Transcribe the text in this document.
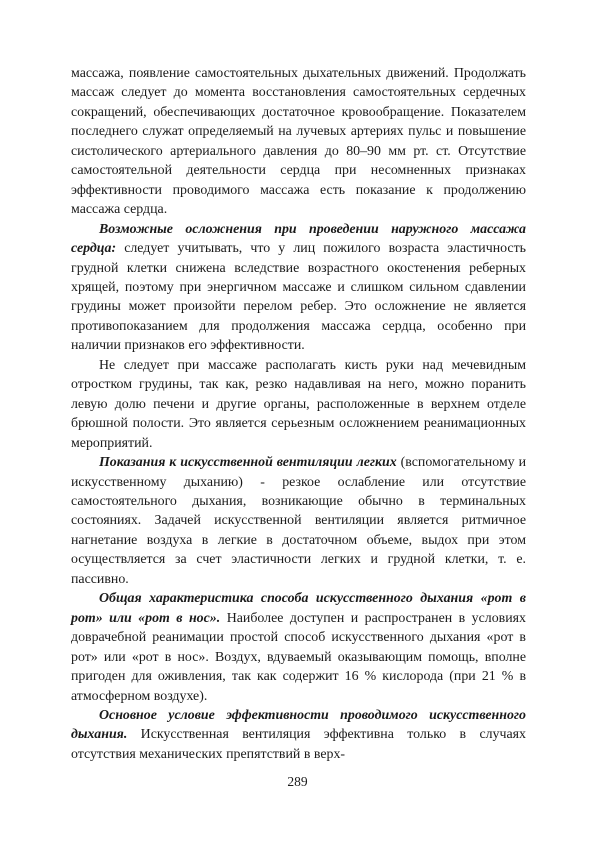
массажа, появление самостоятельных дыхательных движений. Продолжать массаж следует до момента восстановления самостоятельных сердечных сокращений, обеспечивающих достаточное кровообращение. Показателем последнего служат определяемый на лучевых артериях пульс и повышение систолического артериального давления до 80–90 мм рт. ст. Отсутствие самостоятельной деятельности сердца при несомненных признаках эффективности проводимого массажа есть показание к продолжению массажа сердца.

Возможные осложнения при проведении наружного массажа сердца: следует учитывать, что у лиц пожилого возраста эластичность грудной клетки снижена вследствие возрастного окостенения реберных хрящей, поэтому при энергичном массаже и слишком сильном сдавлении грудины может произойти перелом ребер. Это осложнение не является противопоказанием для продолжения массажа сердца, особенно при наличии признаков его эффективности.

Не следует при массаже располагать кисть руки над мечевидным отростком грудины, так как, резко надавливая на него, можно поранить левую долю печени и другие органы, расположенные в верхнем отделе брюшной полости. Это является серьезным осложнением реанимационных мероприятий.

Показания к искусственной вентиляции легких (вспомогательному и искусственному дыханию) - резкое ослабление или отсутствие самостоятельного дыхания, возникающие обычно в терминальных состояниях. Задачей искусственной вентиляции является ритмичное нагнетание воздуха в легкие в достаточном объеме, выдох при этом осуществляется за счет эластичности легких и грудной клетки, т. е. пассивно.

Общая характеристика способа искусственного дыхания «рот в рот» или «рот в нос». Наиболее доступен и распространен в условиях доврачебной реанимации простой способ искусственного дыхания «рот в рот» или «рот в нос». Воздух, вдуваемый оказывающим помощь, вполне пригоден для оживления, так как содержит 16 % кислорода (при 21 % в атмосферном воздухе).

Основное условие эффективности проводимого искусственного дыхания. Искусственная вентиляция эффективна только в случаях отсутствия механических препятствий в верх-

289
